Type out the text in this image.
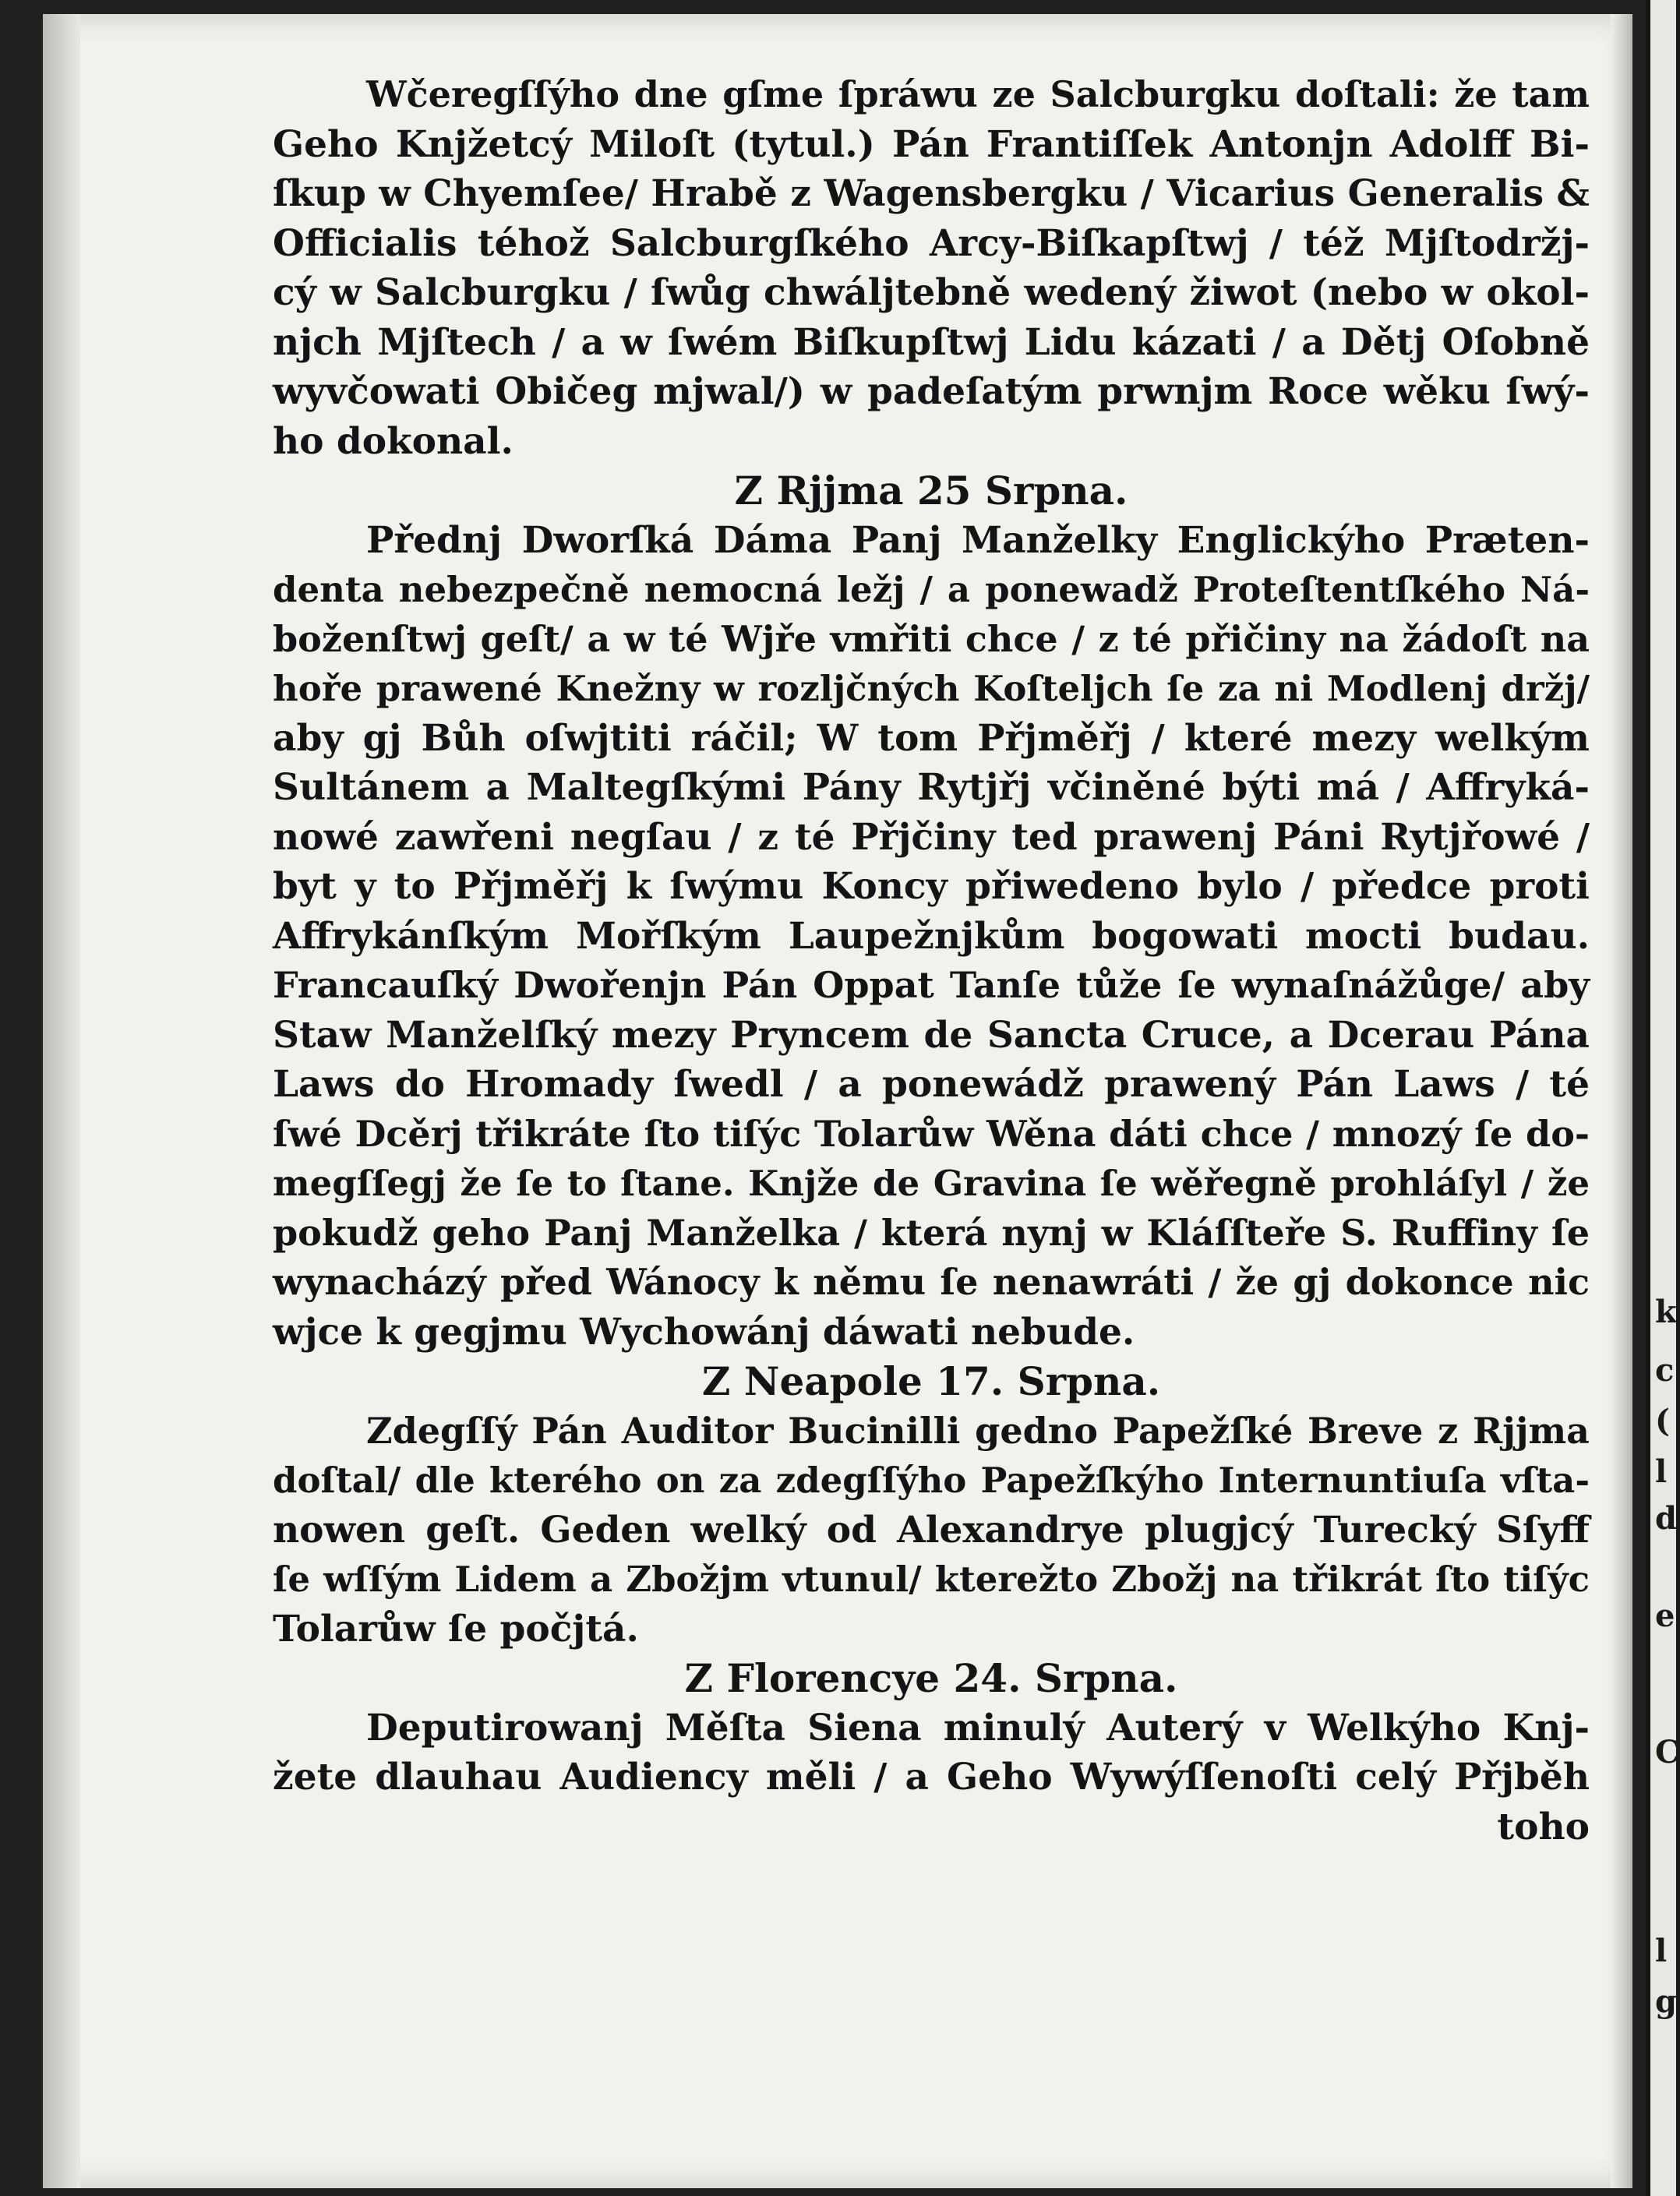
k
c
(
l
d
e
C
l
g
Wčeregſſýho dne gſme ſpráwu ze Salcburgku doſtali: že tam
Geho Knjžetcý Miloſt (tytul.) Pán Frantiſſek Antonjn Adolff Bi-
ſkup w Chyemſee/ Hrabě z Wagensbergku / Vicarius Generalis &
Officialis téhož Salcburgſkého Arcy-Biſkapſtwj / též Mjſtodržj-
cý w Salcburgku / ſwůg chwáljtebně wedený žiwot (nebo w okol-
njch Mjſtech / a w ſwém Biſkupſtwj Lidu kázati / a Dětj Oſobně
wyvčowati Običeg mjwal/) w padeſatým prwnjm Roce wěku ſwý-
ho dokonal.
Z Rjjma 25 Srpna.
Přednj Dworſká Dáma Panj Manželky Englickýho Præten-
denta nebezpečně nemocná ležj / a ponewadž Proteſtentſkého Ná-
boženſtwj geſt/ a w té Wjře vmřiti chce / z té přičiny na žádoſt na
hoře prawené Knežny w rozljčných Koſteljch ſe za ni Modlenj držj/
aby gj Bůh oſwjtiti ráčil; W tom Přjměřj / které mezy welkým
Sultánem a Maltegſkými Pány Rytjřj včiněné býti má / Affryká-
nowé zawřeni negſau / z té Přjčiny ted prawenj Páni Rytjřowé /
byt y to Přjměřj k ſwýmu Koncy přiwedeno bylo / předce proti
Affrykánſkým Mořſkým Laupežnjkům bogowati mocti budau.
Francauſký Dwořenjn Pán Oppat Tanſe tůže ſe wynaſnážůge/ aby
Staw Manželſký mezy Pryncem de Sancta Cruce, a Dcerau Pána
Laws do Hromady ſwedl / a ponewádž prawený Pán Laws / té
ſwé Dcěrj třikráte ſto tiſýc Tolarůw Wěna dáti chce / mnozý ſe do-
megſſegj že ſe to ſtane. Knjže de Gravina ſe wěřegně prohláſyl / že
pokudž geho Panj Manželka / která nynj w Kláſſteře S. Ruffiny ſe
wynacházý před Wánocy k němu ſe nenawráti / že gj dokonce nic
wjce k gegjmu Wychowánj dáwati nebude.
Z Neapole 17. Srpna.
Zdegſſý Pán Auditor Bucinilli gedno Papežſké Breve z Rjjma
doſtal/ dle kterého on za zdegſſýho Papežſkýho Internuntiuſa vſta-
nowen geſt. Geden welký od Alexandrye plugjcý Turecký Sſyff
ſe wſſým Lidem a Zbožjm vtunul/ kterežto Zbožj na třikrát ſto tiſýc
Tolarůw ſe počjtá.
Z Florencye 24. Srpna.
Deputirowanj Měſta Siena minulý Auterý v Welkýho Knj-
žete dlauhau Audiency měli / a Geho Wywýſſenoſti celý Přjběh
toho
